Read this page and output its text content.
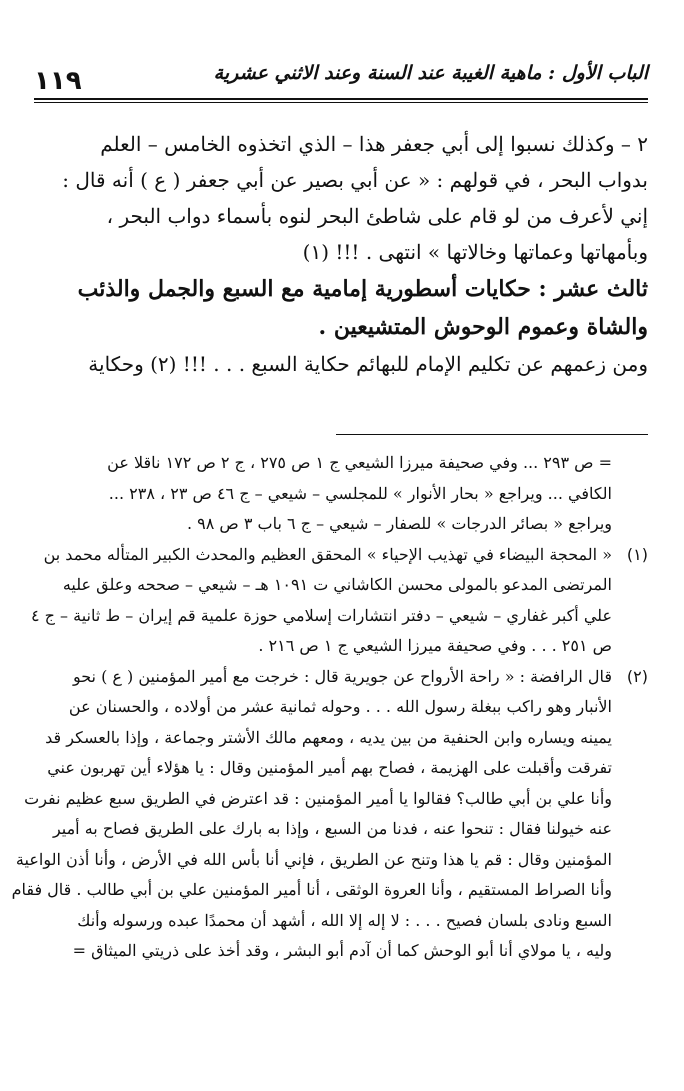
١١٩	الباب الأول : ماهية الغيبة عند السنة وعند الاثني عشرية
٢ – وكذلك نسبوا إلى أبي جعفر هذا – الذي اتخذوه الخامس – العلم
بدواب البحر ، في قولهم : « عن أبي بصير عن أبي جعفر ( ع ) أنه قال :
إني لأعرف من لو قام على شاطئ البحر لنوه بأسماء دواب البحر ،
وبأمهاتها وعماتها وخالاتها » انتهى . !!! (١)
ثالث عشر : حكايات أسطورية إمامية مع السبع والجمل والذئب
والشاة وعموم الوحوش المتشيعين .
ومن زعمهم عن تكليم الإمام للبهائم حكاية السبع . . . !!! (٢) وحكاية
= ص ٢٩٣ ... وفي صحيفة ميرزا الشيعي ج ١ ص ٢٧٥ ، ج ٢ ص ١٧٢ ناقلا عن
الكافي ... ويراجع « بحار الأنوار » للمجلسي – شيعي – ج ٤٦ ص ٢٣ ، ٢٣٨ ...
ويراجع « بصائر الدرجات » للصفار – شيعي – ج ٦ باب ٣ ص ٩٨ .
(١)
« المحجة البيضاء في تهذيب الإحياء » المحقق العظيم والمحدث الكبير المتأله محمد بن
المرتضى المدعو بالمولى محسن الكاشاني ت ١٠٩١ هـ – شيعي – صححه وعلق عليه
علي أكبر غفاري – شيعي – دفتر انتشارات إسلامي حوزة علمية قم إيران – ط ثانية – ج ٤
ص ٢٥١ . . . وفي صحيفة ميرزا الشيعي ج ١ ص ٢١٦ .
(٢)
قال الرافضة : « راحة الأرواح عن جويرية قال : خرجت مع أمير المؤمنين ( ع ) نحو
الأنبار وهو راكب ببغلة رسول الله . . . وحوله ثمانية عشر من أولاده ، والحسنان عن
يمينه ويساره وابن الحنفية من بين يديه ، ومعهم مالك الأشتر وجماعة ، وإذا بالعسكر قد
تفرقت وأقبلت على الهزيمة ، فصاح بهم أمير المؤمنين وقال : يا هؤلاء أين تهربون عني
وأنا علي بن أبي طالب؟ فقالوا يا أمير المؤمنين : قد اعترض في الطريق سبع عظيم نفرت
عنه خيولنا فقال : تنحوا عنه ، فدنا من السبع ، وإذا به بارك على الطريق فصاح به أمير
المؤمنين وقال : قم يا هذا وتنح عن الطريق ، فإني أنا بأس الله في الأرض ، وأنا أذن الواعية
وأنا الصراط المستقيم ، وأنا العروة الوثقى ، أنا أمير المؤمنين علي بن أبي طالب . قال فقام
السبع ونادى بلسان فصيح . . . : لا إله إلا الله ، أشهد أن محمدًا عبده ورسوله وأنك
وليه ، يا مولاي أنا أبو الوحش كما أن آدم أبو البشر ، وقد أخذ على ذريتي الميثاق =
